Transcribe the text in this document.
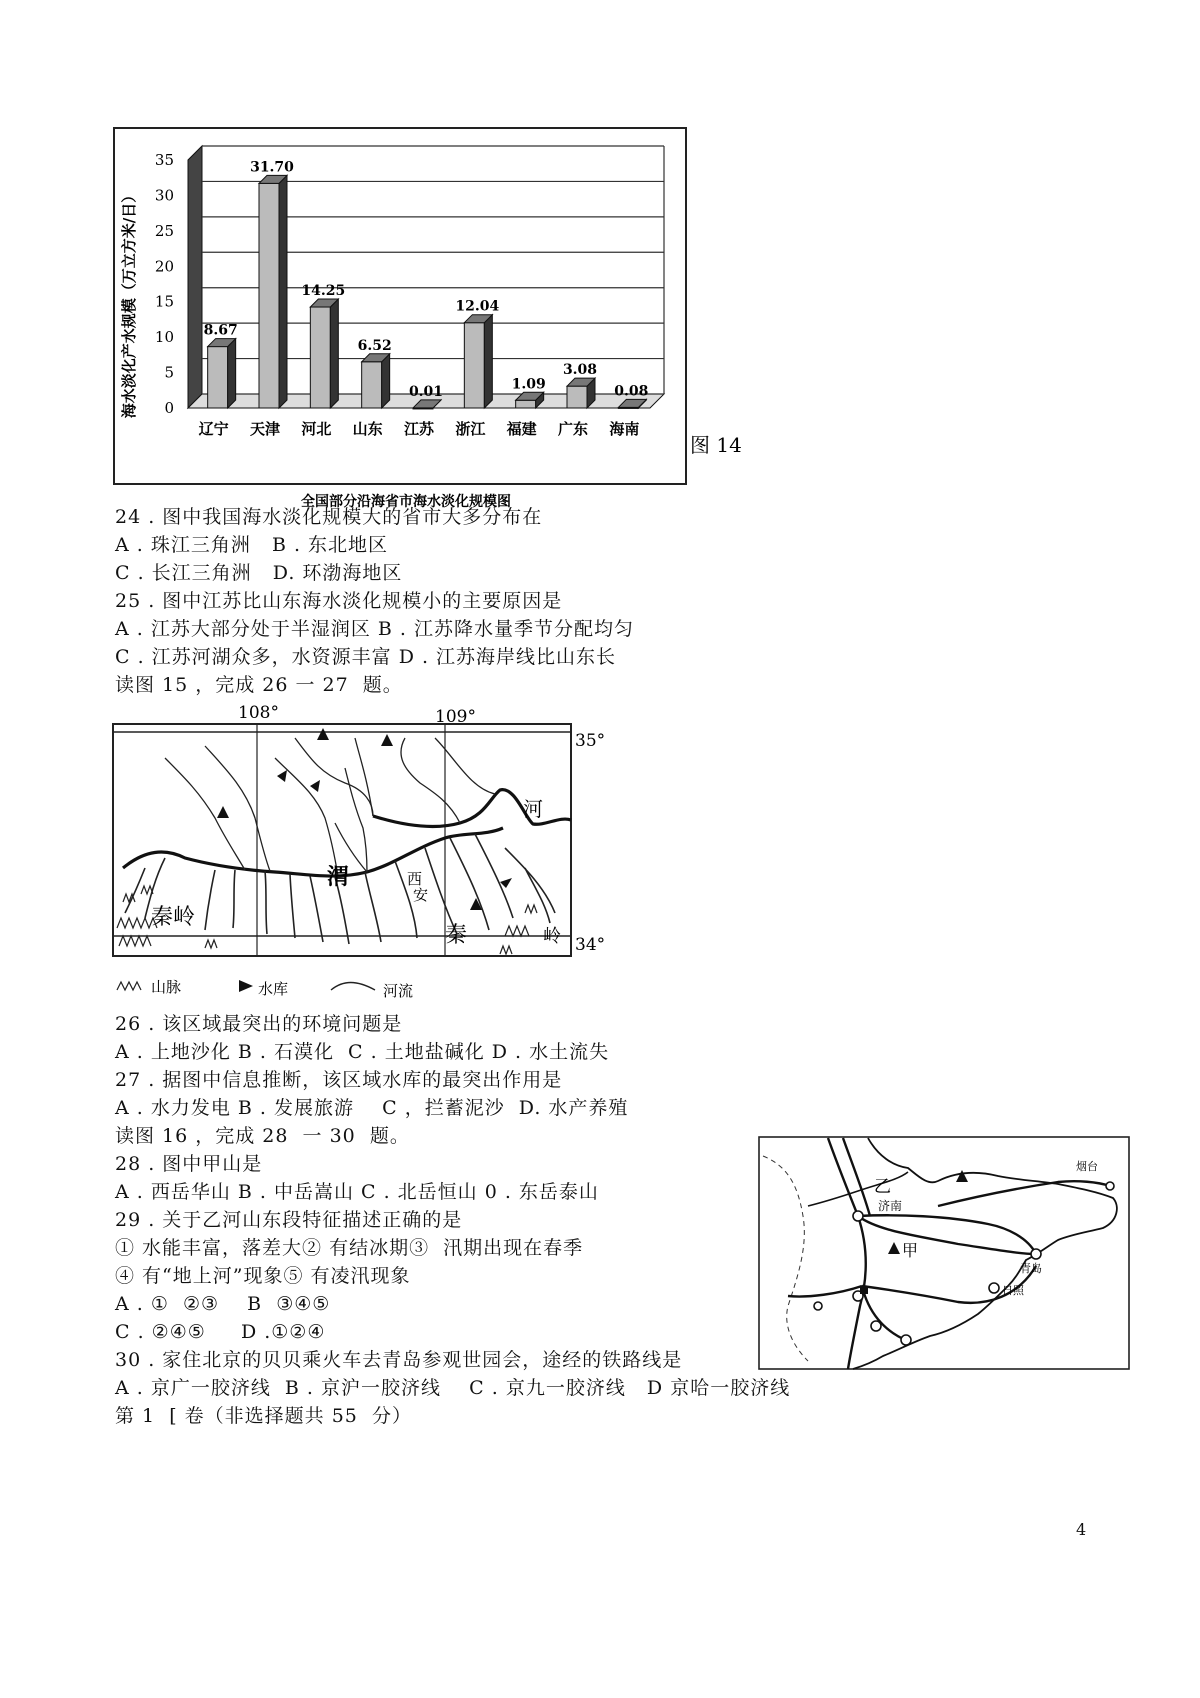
0
5
10
15
20
25
30
35
8.67
辽宁
31.70
天津
14.25
河北
6.52
山东
0.01
江苏
12.04
浙江
1.09
福建
3.08
广东
0.08
海南
海水淡化产水规模（万立方米/日）
全国部分沿海省市海水淡化规模图
图 14
24 . 图中我国海水淡化规模大的省市大多分布在
A . 珠江三角洲   B . 东北地区
C . 长江三角洲   D. 环渤海地区
25 . 图中江苏比山东海水淡化规模小的主要原因是
A . 江苏大部分处于半湿润区 B . 江苏降水量季节分配均匀
C . 江苏河湖众多，水资源丰富 D . 江苏海岸线比山东长
读图 15 ，完成 26 一 27  题。
108°	109°
35°
34°
河
渭	西
安
秦岭
秦	岭
山脉	水库	河流
26 . 该区域最突出的环境问题是
A . 上地沙化 B . 石漠化  C . 土地盐碱化 D . 水土流失
27 . 据图中信息推断，该区域水库的最突出作用是
A . 水力发电 B . 发展旅游    C ，拦蓄泥沙  D. 水产养殖
读图 16 ，完成 28  一 30  题。
28 . 图中甲山是
A . 西岳华山 B . 中岳嵩山 C . 北岳恒山 0 . 东岳泰山
29 . 关于乙河山东段特征描述正确的是
① 水能丰富，落差大② 有结冰期③  汛期出现在春季
④ 有“地上河”现象⑤ 有凌汛现象
A . ①  ②③    B  ③④⑤
C . ②④⑤     D .①②④
30 . 家住北京的贝贝乘火车去青岛参观世园会，途经的铁路线是
A . 京广一胶济线  B . 京沪一胶济线    C . 京九一胶济线   D 京哈一胶济线
第 1  [ 卷（非选择题共 55  分）
烟台
乙
济南
甲
青岛
日照
4
